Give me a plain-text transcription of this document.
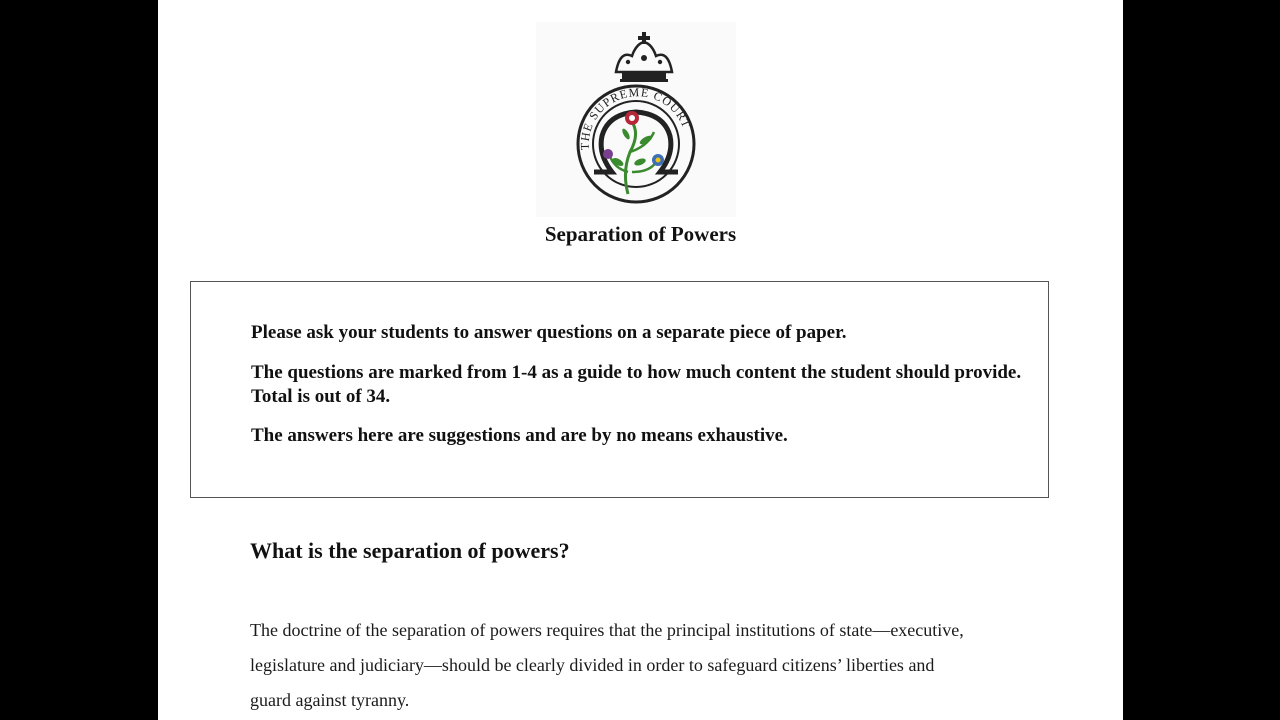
THE SUPREME COURT
Separation of Powers

Please ask your students to answer questions on a separate piece of paper.

The questions are marked from 1-4 as a guide to how much content the student should provide. Total is out of 34.

The answers here are suggestions and are by no means exhaustive.

What is the separation of powers?

The doctrine of the separation of powers requires that the principal institutions of state—executive, legislature and judiciary—should be clearly divided in order to safeguard citizens’ liberties and guard against tyranny.
